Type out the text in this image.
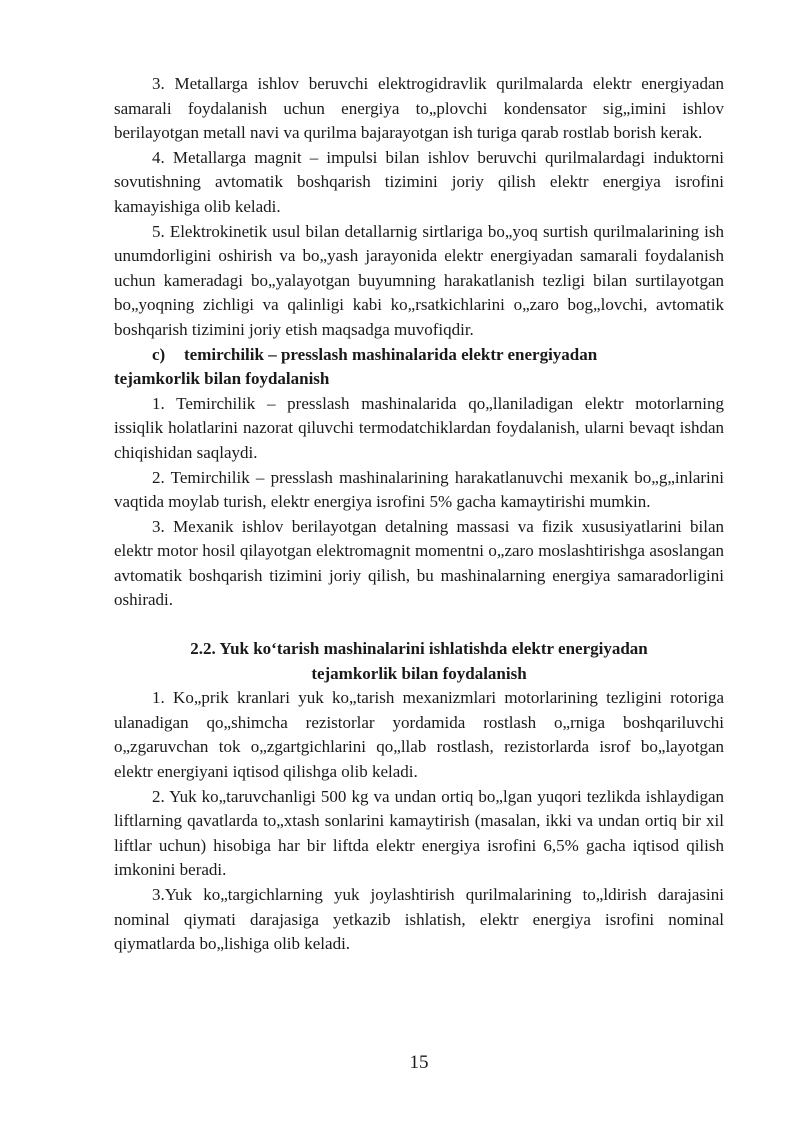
3. Metallarga ishlov beruvchi elektrogidravlik qurilmalarda elektr energiyadan samarali foydalanish uchun energiya to„plovchi kondensator sig„imini ishlov berilayotgan metall navi va qurilma bajarayotgan ish turiga qarab rostlab borish kerak.

4. Metallarga magnit – impulsi bilan ishlov beruvchi qurilmalardagi induktorni sovutishning avtomatik boshqarish tizimini joriy qilish elektr energiya isrofini kamayishiga olib keladi.

5. Elektrokinetik usul bilan detallarnig sirtlariga bo„yoq surtish qurilmalarining ish unumdorligini oshirish va bo„yash jarayonida elektr energiyadan samarali foydalanish uchun kameradagi bo„yalayotgan buyumning harakatlanish tezligi bilan surtilayotgan bo„yoqning zichligi va qalinligi kabi ko„rsatkichlarini o„zaro bog„lovchi, avtomatik boshqarish tizimini joriy etish maqsadga muvofiqdir.

c) temirchilik – presslash mashinalarida elektr energiyadan
tejamkorlik bilan foydalanish

1. Temirchilik – presslash mashinalarida qo„llaniladigan elektr motorlarning issiqlik holatlarini nazorat qiluvchi termodatchiklardan foydalanish, ularni bevaqt ishdan chiqishidan saqlaydi.

2. Temirchilik – presslash mashinalarining harakatlanuvchi mexanik bo„g„inlarini vaqtida moylab turish, elektr energiya isrofini 5% gacha kamaytirishi mumkin.

3. Mexanik ishlov berilayotgan detalning massasi va fizik xususiyatlarini bilan elektr motor hosil qilayotgan elektromagnit momentni o„zaro moslashtirishga asoslangan avtomatik boshqarish tizimini joriy qilish, bu mashinalarning energiya samaradorligini oshiradi.

2.2. Yuk ko‘tarish mashinalarini ishlatishda elektr energiyadan
tejamkorlik bilan foydalanish

1. Ko„prik kranlari yuk ko„tarish mexanizmlari motorlarining tezligini rotoriga ulanadigan qo„shimcha rezistorlar yordamida rostlash o„rniga boshqariluvchi o„zgaruvchan tok o„zgartgichlarini qo„llab rostlash, rezistorlarda isrof bo„layotgan elektr energiyani iqtisod qilishga olib keladi.

2. Yuk ko„taruvchanligi 500 kg va undan ortiq bo„lgan yuqori tezlikda ishlaydigan liftlarning qavatlarda to„xtash sonlarini kamaytirish (masalan, ikki va undan ortiq bir xil liftlar uchun) hisobiga har bir liftda elektr energiya isrofini 6,5% gacha iqtisod qilish imkonini beradi.

3.Yuk ko„targichlarning yuk joylashtirish qurilmalarining to„ldirish darajasini nominal qiymati darajasiga yetkazib ishlatish, elektr energiya isrofini nominal qiymatlarda bo„lishiga olib keladi.

15
